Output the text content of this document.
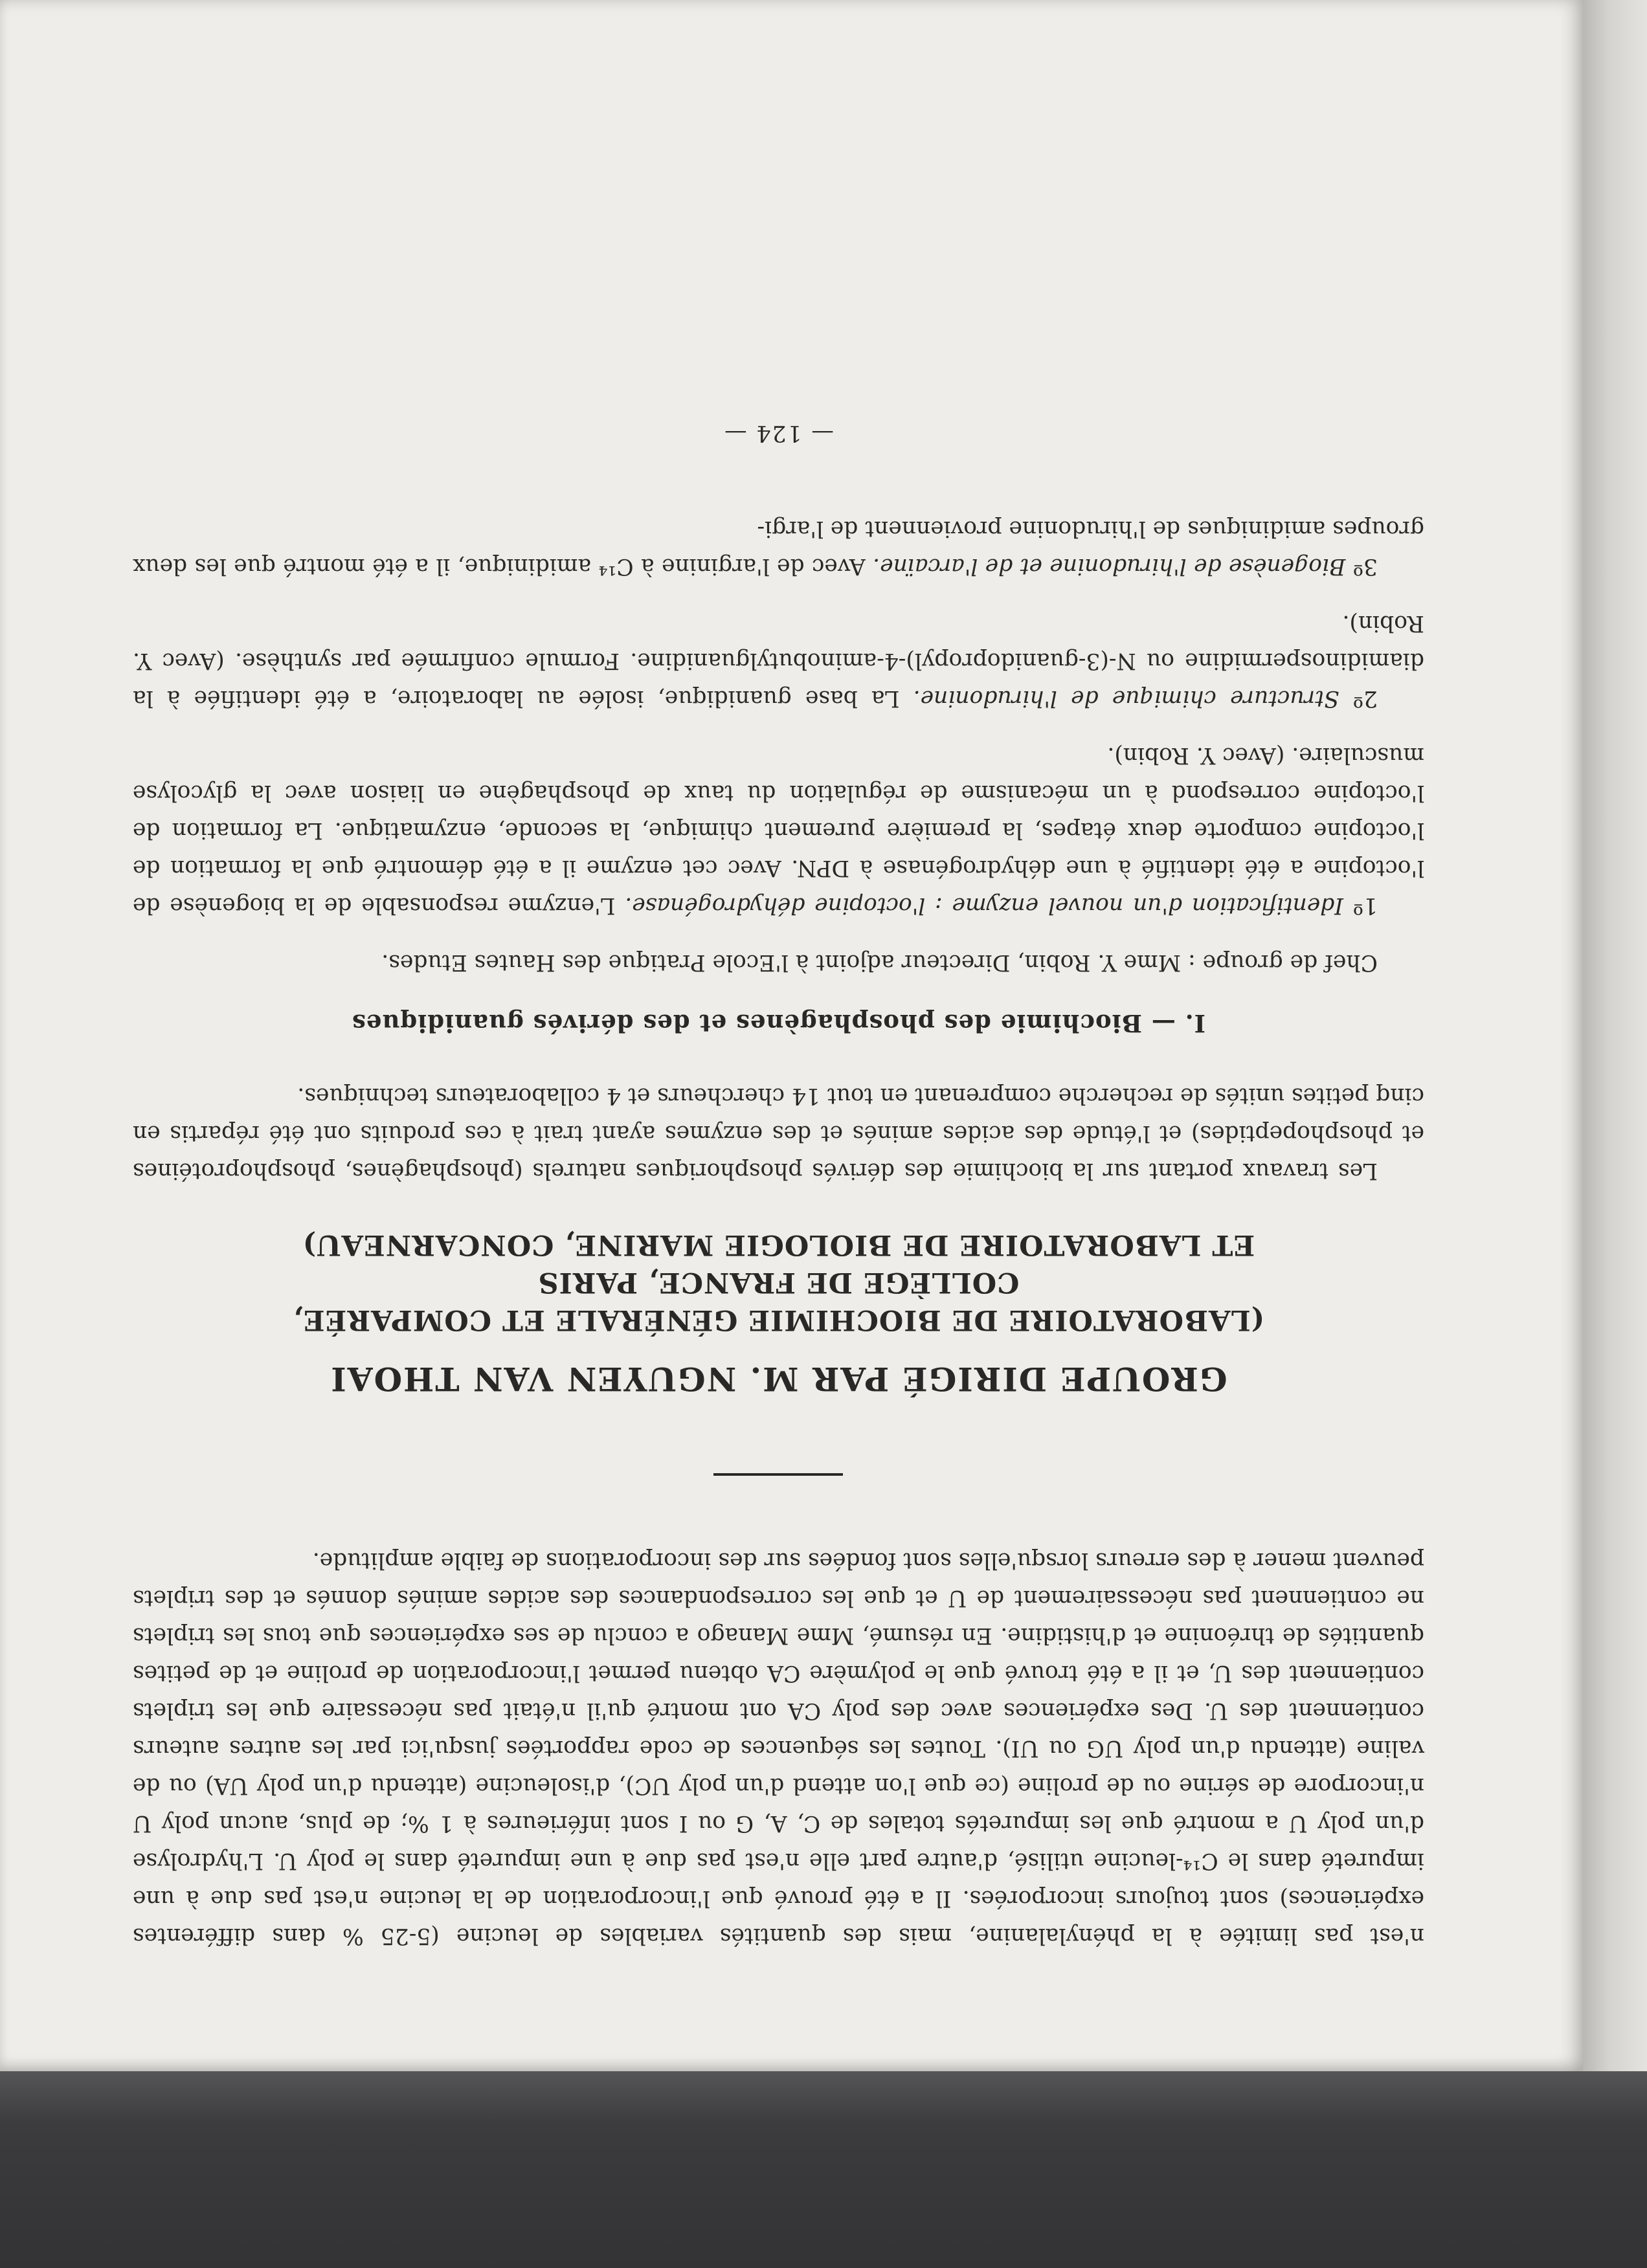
n'est pas limitée à la phénylalanine, mais des quantités variables de leucine (5-25 % dans différentes expériences) sont toujours incorporées. Il a été prouvé que l'incorporation de la leucine n'est pas due à une impureté dans le C¹⁴-leucine utilisé, d'autre part elle n'est pas due à une impureté dans le poly U. L'hydrolyse d'un poly U a montré que les impuretés totales de C, A, G ou I sont inférieures à 1 %; de plus, aucun poly U n'incorpore de sérine ou de proline (ce que l'on attend d'un poly UC), d'isoleucine (attendu d'un poly UA) ou de valine (attendu d'un poly UG ou UI). Toutes les séquences de code rapportées jusqu'ici par les autres auteurs contiennent des U. Des expériences avec des poly CA ont montré qu'il n'était pas nécessaire que les triplets contiennent des U, et il a été trouvé que le polymère CA obtenu permet l'incorporation de proline et de petites quantités de thréonine et d'histidine. En résumé, Mme Manago a conclu de ses expériences que tous les triplets ne contiennent pas nécessairement de U et que les correspondances des acides aminés donnés et des triplets peuvent mener à des erreurs lorsqu'elles sont fondées sur des incorporations de faible amplitude.

GROUPE DIRIGÉ PAR M. NGUYEN VAN THOAI

(LABORATOIRE DE BIOCHIMIE GÉNÉRALE ET COMPARÉE,

COLLÈGE DE FRANCE, PARIS

ET LABORATOIRE DE BIOLOGIE MARINE, CONCARNEAU)

Les travaux portant sur la biochimie des dérivés phosphoriques naturels (phosphagènes, phosphoprotéines et phosphopeptides) et l'étude des acides aminés et des enzymes ayant trait à ces produits ont été répartis en cinq petites unités de recherche comprenant en tout 14 chercheurs et 4 collaborateurs techniques.

I. — Biochimie des phosphagènes et des dérivés guanidiques

Chef de groupe : Mme Y. Robin, Directeur adjoint à l'Ecole Pratique des Hautes Etudes.

1º Identification d'un nouvel enzyme : l'octopine déhydrogénase. L'enzyme responsable de la biogenèse de l'octopine a été identifié à une déhydrogénase à DPN. Avec cet enzyme il a été démontré que la formation de l'octopine comporte deux étapes, la première purement chimique, la seconde, enzymatique. La formation de l'octopine correspond à un mécanisme de régulation du taux de phosphagène en liaison avec la glycolyse musculaire. (Avec Y. Robin).

2º Structure chimique de l'hirudonine. La base guanidique, isolée au laboratoire, a été identifiée à la diamidinospermidine ou N-(3-guanidopropyl)-4-aminobutylguanidine. Formule confirmée par synthèse. (Avec Y. Robin).

3º Biogenèse de l'hirudonine et de l'arcaïne. Avec de l'arginine à C¹⁴ amidinique, il a été montré que les deux groupes amidiniques de l'hirudonine proviennent de l'argi-

— 124 —
